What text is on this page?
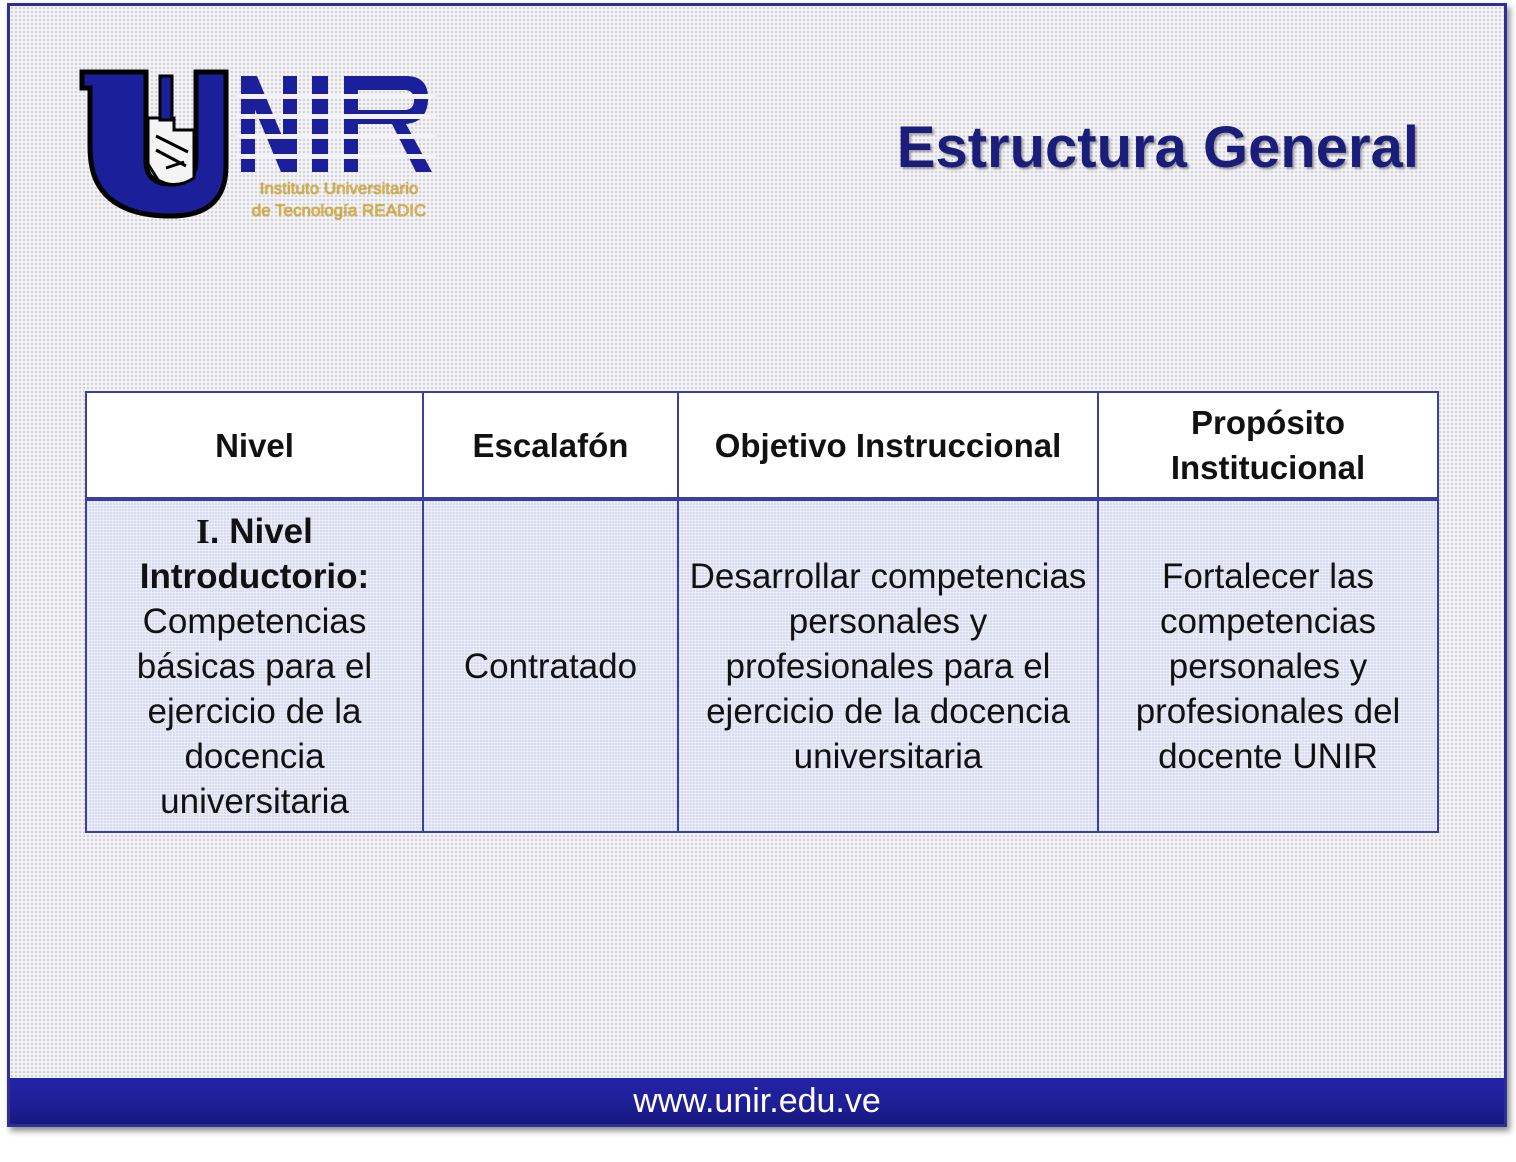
Instituto Universitario
de Tecnología READIC
Estructura General
Nivel	Escalafón	Objetivo Instruccional	Propósito Institucional
I. Nivel Introductorio: Competencias básicas para el ejercicio de la docencia universitaria	Contratado	Desarrollar competencias personales y profesionales para el ejercicio de la docencia universitaria	Fortalecer las competencias personales y profesionales del docente UNIR
www.unir.edu.ve
